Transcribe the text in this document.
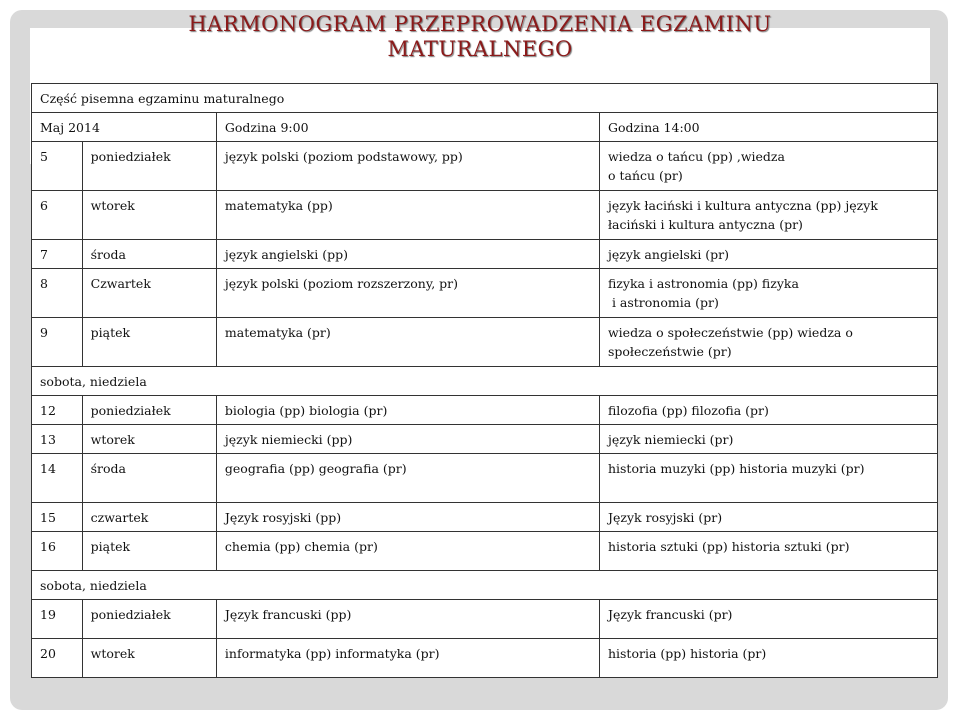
HARMONOGRAM PRZEPROWADZENIA EGZAMINU
MATURALNEGO
Część pisemna egzaminu maturalnego			
Maj 2014		Godzina 9:00	Godzina 14:00
5	poniedziałek	język polski (poziom podstawowy, pp)	wiedza o tańcu (pp) ,wiedza
o tańcu (pr)

6	wtorek	matematyka (pp)	język łaciński i kultura antyczna (pp) język
łaciński i kultura antyczna (pr)

7	środa	język angielski (pp)	język angielski (pr)

8	Czwartek	język polski (poziom rozszerzony, pr)	fizyka i astronomia (pp) fizyka
i astronomia (pr)

9	piątek	matematyka (pr)	wiedza o społeczeństwie (pp) wiedza o
społeczeństwie (pr)

sobota, niedziela			
12	poniedziałek	biologia (pp) biologia (pr)	filozofia (pp) filozofia (pr)

13	wtorek	język niemiecki (pp)	język niemiecki (pr)

14	środa	geografia (pp) geografia (pr)	historia muzyki (pp) historia muzyki (pr)

15	czwartek	Język rosyjski (pp)	Język rosyjski (pr)

16	piątek	chemia (pp) chemia (pr)	historia sztuki (pp) historia sztuki (pr)

sobota, niedziela			
19	poniedziałek	Język francuski (pp)	Język francuski (pr)

20	wtorek	informatyka (pp) informatyka (pr)	historia (pp) historia (pr)
